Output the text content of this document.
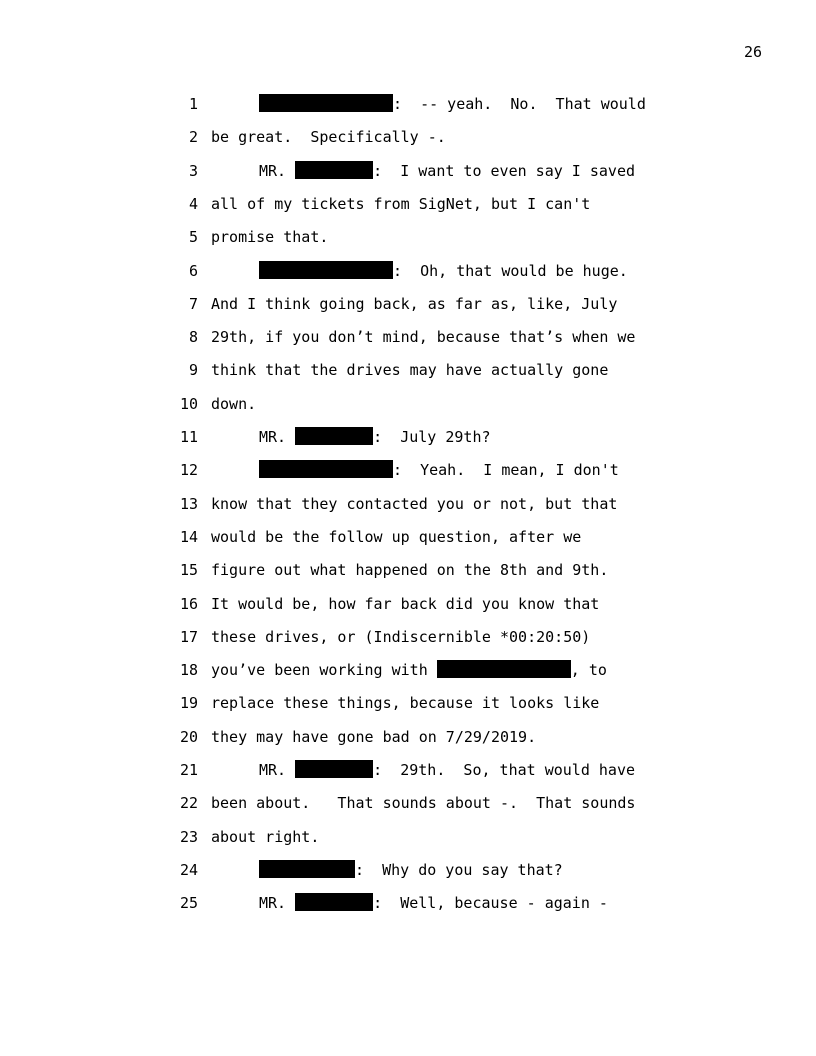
26
1	:  -- yeah.  No.  That would
2 be great.  Specifically -.
3	MR.	:  I want to even say I saved
4 all of my tickets from SigNet, but I can't
5 promise that.
6	:  Oh, that would be huge.
7 And I think going back, as far as, like, July
8 29th, if you don’t mind, because that’s when we
9 think that the drives may have actually gone
10 down.
11	MR.	:  July 29th?
12	:  Yeah.  I mean, I don't
13 know that they contacted you or not, but that
14 would be the follow up question, after we
15 figure out what happened on the 8th and 9th.
16 It would be, how far back did you know that
17 these drives, or (Indiscernible *00:20:50)
18 you’ve been working with	, to
19 replace these things, because it looks like
20 they may have gone bad on 7/29/2019.
21	MR.	:  29th.  So, that would have
22 been about.   That sounds about -.  That sounds
23 about right.
24	:  Why do you say that?
25	MR.	:  Well, because - again -
